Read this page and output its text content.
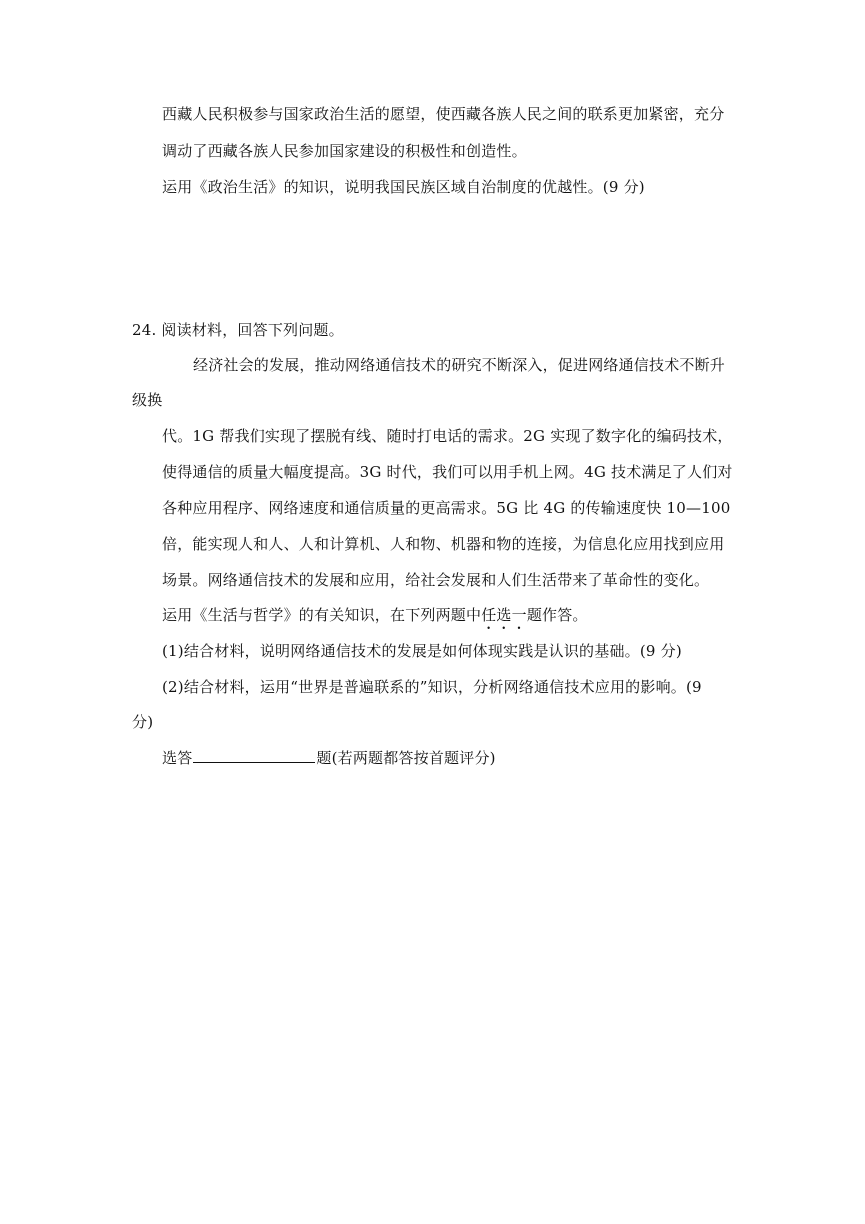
西藏人民积极参与国家政治生活的愿望，使西藏各族人民之间的联系更加紧密，充分
调动了西藏各族人民参加国家建设的积极性和创造性。
运用《政治生活》的知识，说明我国民族区域自治制度的优越性。(9 分)
24. 阅读材料，回答下列问题。
经济社会的发展，推动网络通信技术的研究不断深入，促进网络通信技术不断升
级换
代。1G 帮我们实现了摆脱有线、随时打电话的需求。2G 实现了数字化的编码技术，
使得通信的质量大幅度提高。3G 时代，我们可以用手机上网。4G 技术满足了人们对
各种应用程序、网络速度和通信质量的更高需求。5G 比 4G 的传输速度快 10—100
倍，能实现人和人、人和计算机、人和物、机器和物的连接，为信息化应用找到应用
场景。网络通信技术的发展和应用，给社会发展和人们生活带来了革命性的变化。
运用《生活与哲学》的有关知识，在下列两题中任选一题作答。
(1)结合材料，说明网络通信技术的发展是如何体现实践是认识的基础。(9 分)
(2)结合材料，运用“世界是普遍联系的”知识，分析网络通信技术应用的影响。(9
分)
选答	题(若两题都答按首题评分)
